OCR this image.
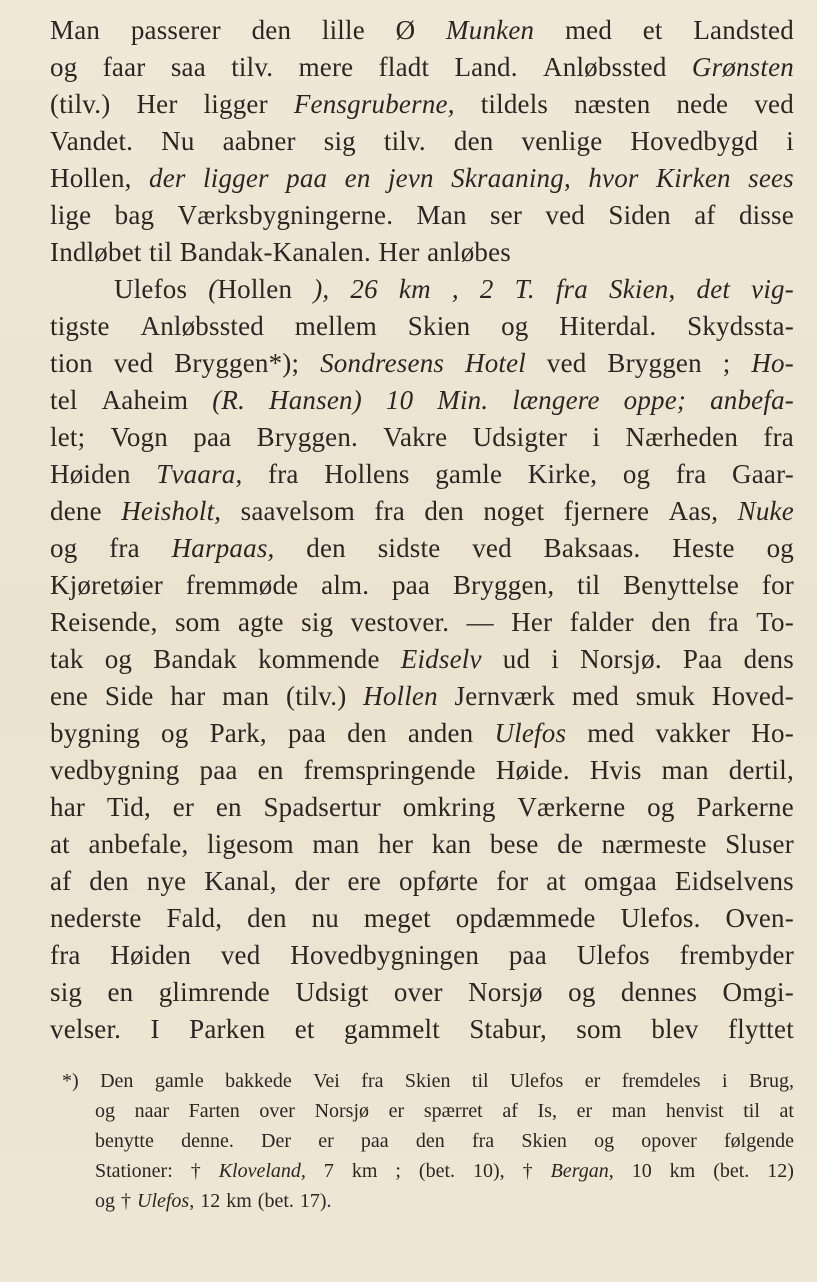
Man passerer den lille Ø Munken med et Landsted
og faar saa tilv. mere fladt Land. Anløbssted Grønsten
(tilv.) Her ligger Fensgruberne, tildels næsten nede ved
Vandet. Nu aabner sig tilv. den venlige Hovedbygd i
Hollen, der ligger paa en jevn Skraaning, hvor Kirken sees
lige bag Værksbygningerne. Man ser ved Siden af disse
Indløbet til Bandak-Kanalen. Her anløbes
Ulefos (Hollen ), 26 km , 2 T. fra Skien, det vig-
tigste Anløbssted mellem Skien og Hiterdal. Skydssta-
tion ved Bryggen*); Sondresens Hotel ved Bryggen ; Ho-
tel Aaheim (R. Hansen) 10 Min. længere oppe; anbefa-
let; Vogn paa Bryggen. Vakre Udsigter i Nærheden fra
Høiden Tvaara, fra Hollens gamle Kirke, og fra Gaar-
dene Heisholt, saavelsom fra den noget fjernere Aas, Nuke
og fra Harpaas, den sidste ved Baksaas. Heste og
Kjøretøier fremmøde alm. paa Bryggen, til Benyttelse for
Reisende, som agte sig vestover. — Her falder den fra To-
tak og Bandak kommende Eidselv ud i Norsjø. Paa dens
ene Side har man (tilv.) Hollen Jernværk med smuk Hoved-
bygning og Park, paa den anden Ulefos med vakker Ho-
vedbygning paa en fremspringende Høide. Hvis man dertil,
har Tid, er en Spadsertur omkring Værkerne og Parkerne
at anbefale, ligesom man her kan bese de nærmeste Sluser
af den nye Kanal, der ere opførte for at omgaa Eidselvens
nederste Fald, den nu meget opdæmmede Ulefos. Oven-
fra Høiden ved Hovedbygningen paa Ulefos frembyder
sig en glimrende Udsigt over Norsjø og dennes Omgi-
velser. I Parken et gammelt Stabur, som blev flyttet
*) Den gamle bakkede Vei fra Skien til Ulefos er fremdeles i Brug,
og naar Farten over Norsjø er spærret af Is, er man henvist til at
benytte denne. Der er paa den fra Skien og opover følgende
Stationer: † Kloveland, 7 km ; (bet. 10), † Bergan, 10 km (bet. 12)
og † Ulefos, 12 km (bet. 17).
